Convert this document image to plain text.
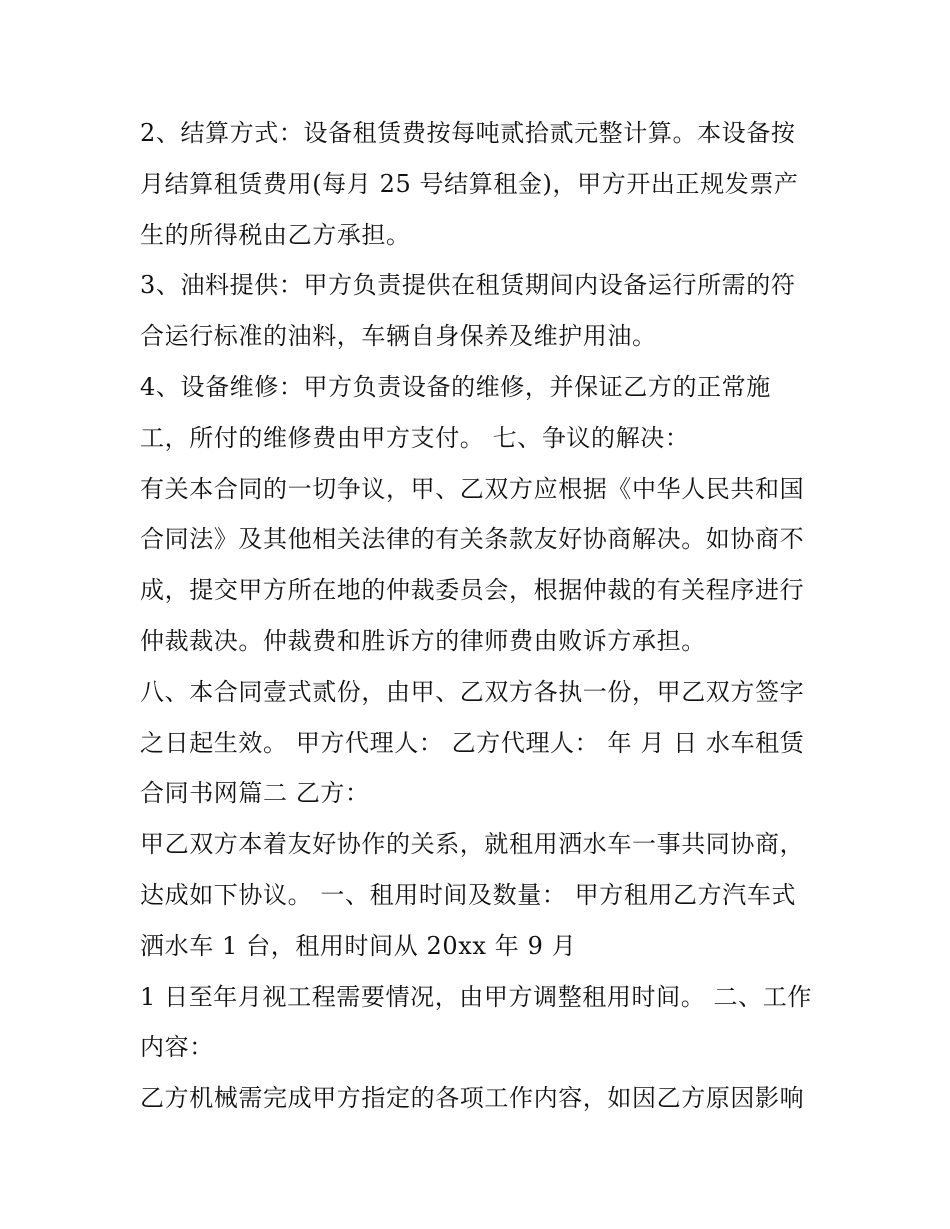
2、结算方式：设备租赁费按每吨贰拾贰元整计算。本设备按
月结算租赁费用(每月 25 号结算租金)，甲方开出正规发票产
生的所得税由乙方承担。
3、油料提供：甲方负责提供在租赁期间内设备运行所需的符
合运行标准的油料，车辆自身保养及维护用油。
4、设备维修：甲方负责设备的维修，并保证乙方的正常施
工，所付的维修费由甲方支付。 七、争议的解决：
有关本合同的一切争议，甲、乙双方应根据《中华人民共和国
合同法》及其他相关法律的有关条款友好协商解决。如协商不
成，提交甲方所在地的仲裁委员会，根据仲裁的有关程序进行
仲裁裁决。仲裁费和胜诉方的律师费由败诉方承担。
八、本合同壹式贰份，由甲、乙双方各执一份，甲乙双方签字
之日起生效。 甲方代理人： 乙方代理人： 年 月 日 水车租赁
合同书网篇二 乙方：
甲乙双方本着友好协作的关系，就租用洒水车一事共同协商，
达成如下协议。 一、租用时间及数量： 甲方租用乙方汽车式
洒水车 1 台，租用时间从 20xx 年 9 月
1 日至年月视工程需要情况，由甲方调整租用时间。 二、工作
内容：
乙方机械需完成甲方指定的各项工作内容，如因乙方原因影响
